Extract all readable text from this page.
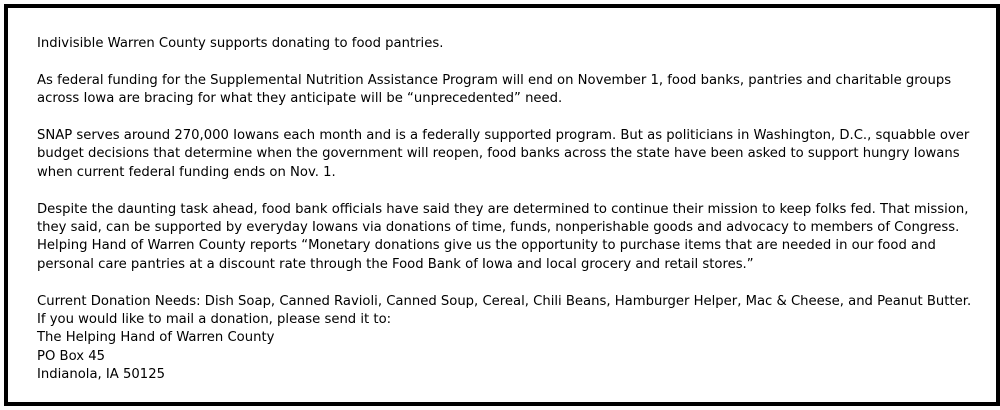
Indivisible Warren County supports donating to food pantries.

As federal funding for the Supplemental Nutrition Assistance Program will end on November 1, food banks, pantries and charitable groups across Iowa are bracing for what they anticipate will be “unprecedented” need.

SNAP serves around 270,000 Iowans each month and is a federally supported program. But as politicians in Washington, D.C., squabble over budget decisions that determine when the government will reopen, food banks across the state have been asked to support hungry Iowans when current federal funding ends on Nov. 1.

Despite the daunting task ahead, food bank officials have said they are determined to continue their mission to keep folks fed. That mission, they said, can be supported by everyday Iowans via donations of time, funds, nonperishable goods and advocacy to members of Congress.

Helping Hand of Warren County reports “Monetary donations give us the opportunity to purchase items that are needed in our food and personal care pantries at a discount rate through the Food Bank of Iowa and local grocery and retail stores.”

Current Donation Needs: Dish Soap, Canned Ravioli, Canned Soup, Cereal, Chili Beans, Hamburger Helper, Mac & Cheese, and Peanut Butter.

If you would like to mail a donation, please send it to:

The Helping Hand of Warren County

PO Box 45

Indianola, IA 50125
